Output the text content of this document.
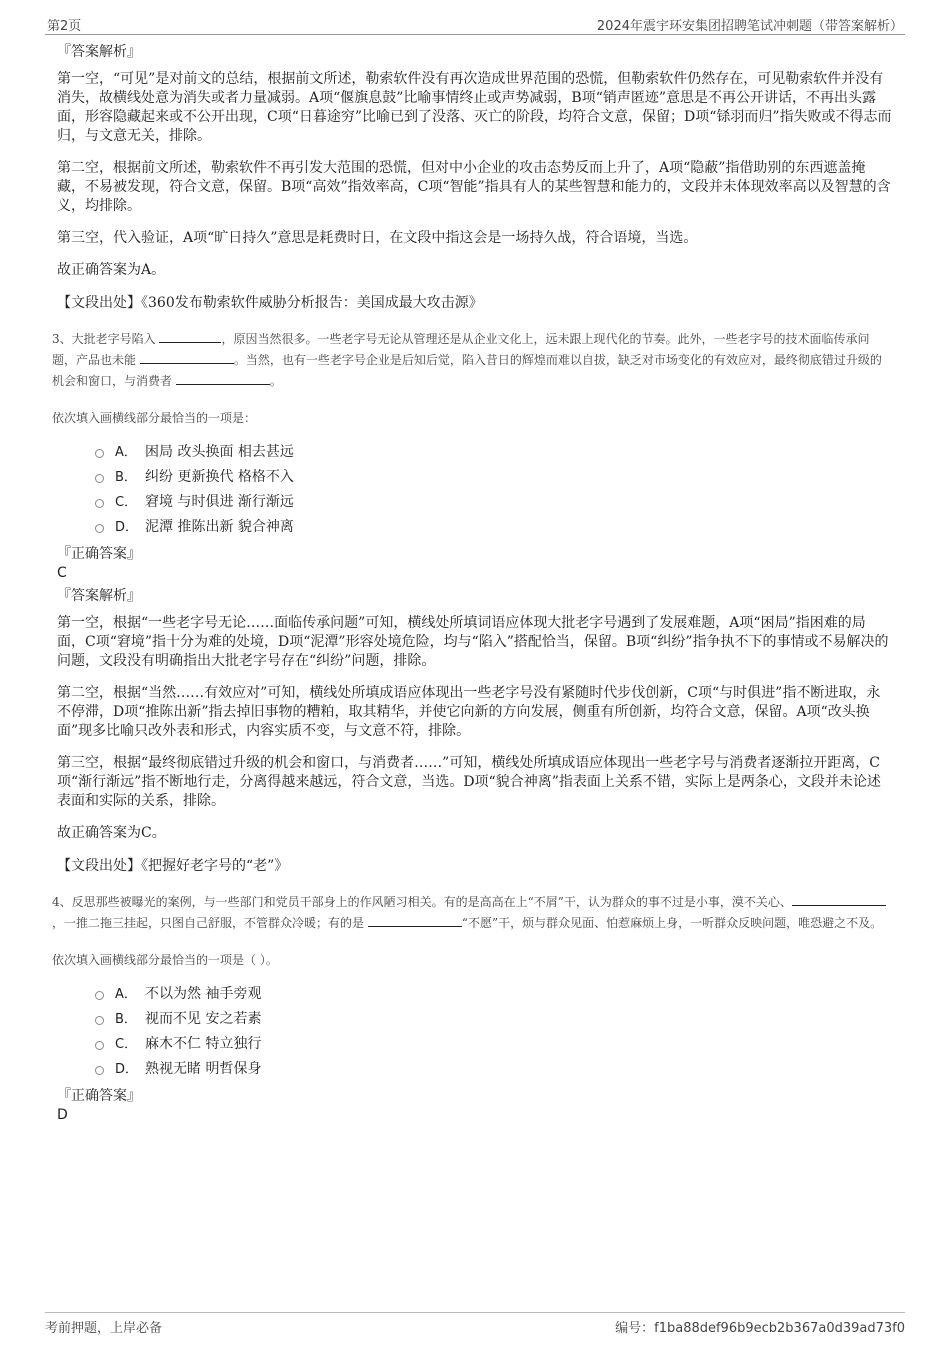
第2页	2024年震宇环安集团招聘笔试冲刺题（带答案解析）

『答案解析』

第一空，“可见”是对前文的总结，根据前文所述，勒索软件没有再次造成世界范围的恐慌，但勒索软件仍然存在，可见勒索软件并没有消失，故横线处意为消失或者力量减弱。A项“偃旗息鼓”比喻事情终止或声势减弱，B项“销声匿迹”意思是不再公开讲话，不再出头露面，形容隐藏起来或不公开出现，C项“日暮途穷”比喻已到了没落、灭亡的阶段，均符合文意，保留；D项“铩羽而归”指失败或不得志而归，与文意无关，排除。

第二空，根据前文所述，勒索软件不再引发大范围的恐慌，但对中小企业的攻击态势反而上升了，A项“隐蔽”指借助别的东西遮盖掩藏，不易被发现，符合文意，保留。B项“高效”指效率高，C项“智能”指具有人的某些智慧和能力的，文段并未体现效率高以及智慧的含义，均排除。

第三空，代入验证，A项“旷日持久”意思是耗费时日，在文段中指这会是一场持久战，符合语境，当选。

故正确答案为A。

【文段出处】《360发布勒索软件威胁分析报告：美国成最大攻击源》

3、大批老字号陷入	，原因当然很多。一些老字号无论从管理还是从企业文化上，远未跟上现代化的节奏。此外，一些老字号的技术面临传承问题，产品也未能	。当然，也有一些老字号企业是后知后觉，陷入昔日的辉煌而难以自拔，缺乏对市场变化的有效应对，最终彻底错过升级的机会和窗口，与消费者	。
依次填入画横线部分最恰当的一项是：
A． 困局 改头换面 相去甚远
B． 纠纷 更新换代 格格不入
C． 窘境 与时俱进 渐行渐远
D． 泥潭 推陈出新 貌合神离

『正确答案』

C

『答案解析』

第一空，根据“一些老字号无论……面临传承问题”可知，横线处所填词语应体现大批老字号遇到了发展难题，A项“困局”指困难的局面，C项“窘境”指十分为难的处境，D项“泥潭”形容处境危险，均与“陷入”搭配恰当，保留。B项“纠纷”指争执不下的事情或不易解决的问题，文段没有明确指出大批老字号存在“纠纷”问题，排除。

第二空，根据“当然……有效应对”可知，横线处所填成语应体现出一些老字号没有紧随时代步伐创新，C项“与时俱进”指不断进取，永不停滞，D项“推陈出新”指去掉旧事物的糟粕，取其精华，并使它向新的方向发展，侧重有所创新，均符合文意，保留。A项“改头换面”现多比喻只改外表和形式，内容实质不变，与文意不符，排除。

第三空，根据“最终彻底错过升级的机会和窗口，与消费者……”可知，横线处所填成语应体现出一些老字号与消费者逐渐拉开距离，C项“渐行渐远”指不断地行走，分离得越来越远，符合文意，当选。D项“貌合神离”指表面上关系不错，实际上是两条心，文段并未论述表面和实际的关系，排除。

故正确答案为C。

【文段出处】《把握好老字号的“老”》

4、反思那些被曝光的案例，与一些部门和党员干部身上的作风陋习相关。有的是高高在上“不屑”干，认为群众的事不过是小事，漠不关心、，一推二拖三挂起，只图自己舒服，不管群众冷暖；有的是	“不愿”干，烦与群众见面、怕惹麻烦上身，一听群众反映问题，唯恐避之不及。
依次填入画横线部分最恰当的一项是（ ）。
A． 不以为然 袖手旁观
B． 视而不见 安之若素
C． 麻木不仁 特立独行
D． 熟视无睹 明哲保身

『正确答案』

D

考前押题，上岸必备	编号：f1ba88def96b9ecb2b367a0d39ad73f0
